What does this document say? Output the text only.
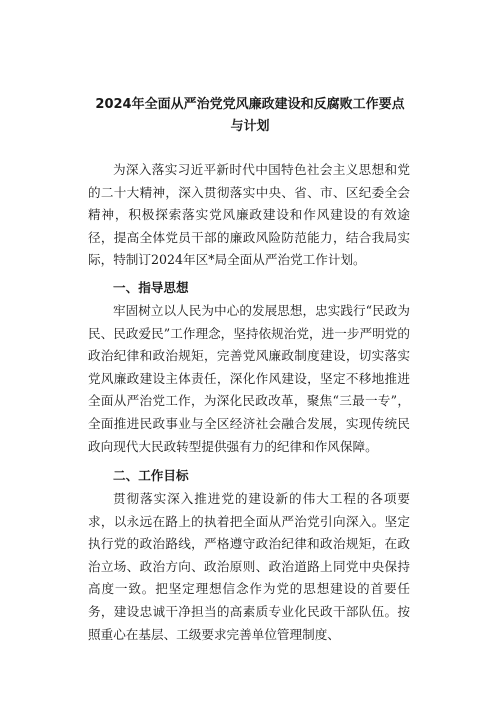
2024年全面从严治党党风廉政建设和反腐败工作要点
与计划
为深入落实习近平新时代中国特色社会主义思想和党的二十大精神，深入贯彻落实中央、省、市、区纪委全会精神，积极探索落实党风廉政建设和作风建设的有效途径，提高全体党员干部的廉政风险防范能力，结合我局实际，特制订2024年区*局全面从严治党工作计划。
一、指导思想
牢固树立以人民为中心的发展思想，忠实践行“民政为民、民政爱民”工作理念，坚持依规治党，进一步严明党的政治纪律和政治规矩，完善党风廉政制度建设，切实落实党风廉政建设主体责任，深化作风建设，坚定不移地推进全面从严治党工作，为深化民政改革，聚焦“三最一专”，全面推进民政事业与全区经济社会融合发展，实现传统民政向现代大民政转型提供强有力的纪律和作风保障。
二、工作目标
贯彻落实深入推进党的建设新的伟大工程的各项要求，以永远在路上的执着把全面从严治党引向深入。坚定执行党的政治路线，严格遵守政治纪律和政治规矩，在政治立场、政治方向、政治原则、政治道路上同党中央保持高度一致。把坚定理想信念作为党的思想建设的首要任务，建设忠诚干净担当的高素质专业化民政干部队伍。按照重心在基层、工级要求完善单位管理制度、
